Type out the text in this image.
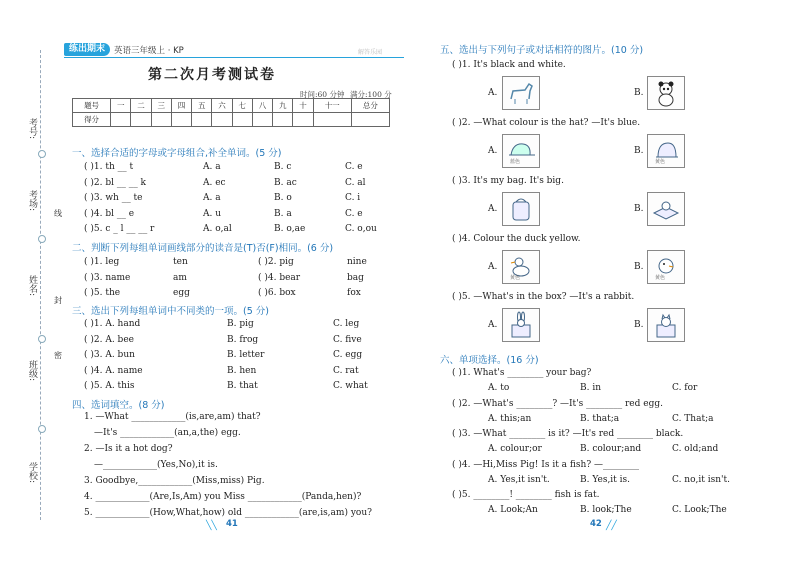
考号:
考场:
姓名:
班级:
学校:
线
封
密
练出期末	英语三年级上 · KP	解答乐园
第二次月考测试卷
时间:60 分钟 满分:100 分
题号	一	二	三	四	五	六	七	八	九	十	十一	总分
得分												
一、选择合适的字母或字母组合,补全单词。(5 分)
二、判断下列每组单词画线部分的读音是(T)否(F)相同。(6 分)
三、选出下列每组单词中不同类的一项。(5 分)
四、选词填空。(8 分)
41
╲╲
五、选出与下列句子或对话相符的图片。(10 分)
六、单项选择。(16 分)
42 ╱╱
( )1. th __ t	A. a	B. c	C. e
( )2. bl __ __ k	A. ec	B. ac	C. al
( )3. wh __ te	A. a	B. o	C. i
( )4. bl __ e	A. u	B. a	C. e
( )5. c _ l __ __ r	A. o,al	B. o,ae	C. o,ou
( )1. leg	ten	( )2. pig	nine
( )3. name	am	( )4. bear	bag
( )5. the	egg	( )6. box	fox
( )1. A. hand	B. pig	C. leg
( )2. A. bee	B. frog	C. five
( )3. A. bun	B. letter	C. egg
( )4. A. name	B. hen	C. rat
( )5. A. this	B. that	C. what
1. —What ____________(is,are,am) that?
—It's ____________(an,a,the) egg.
2. —Is it a hot dog?
—____________(Yes,No),it is.
3. Goodbye,____________(Miss,miss) Pig.
4. ____________(Are,Is,Am) you Miss ____________(Panda,hen)?
5. ____________(How,What,how) old ____________(are,is,am) you?
( )1. It's black and white.
A.	B.
( )2. —What colour is the hat? —It's blue.
A.	B.
蓝色	黄色
( )3. It's my bag. It's big.
A.	B.
( )4. Colour the duck yellow.
A.	B.
黄色	黄色
( )5. —What's in the box? —It's a rabbit.
A.	B.
( )1. What's ________ your bag?
A. to	B. in	C. for
( )2. —What's ________? —It's ________ red egg.
A. this;an	B. that;a	C. That;a
( )3. —What ________ is it? —It's red ________ black.
A. colour;or	B. colour;and	C. old;and
( )4. —Hi,Miss Pig! Is it a fish? —________
A. Yes,it isn't.	B. Yes,it is.	C. no,it isn't.
( )5. ________! ________ fish is fat.
A. Look;An	B. look;The	C. Look;The
